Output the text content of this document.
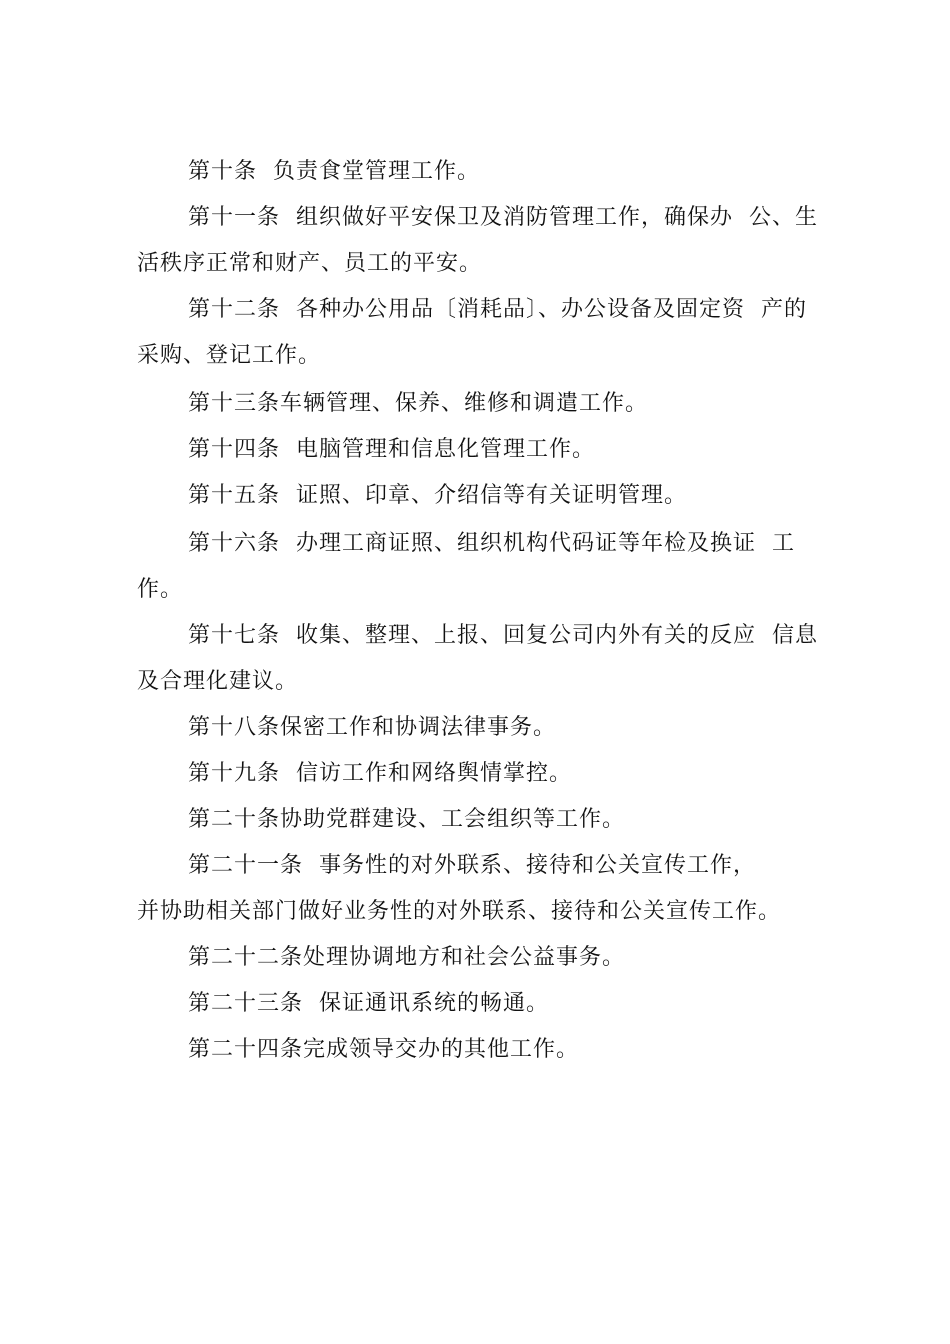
第十条  负责食堂管理工作。
第十一条  组织做好平安保卫及消防管理工作，确保办  公、生
活秩序正常和财产、员工的平安。
第十二条  各种办公用品〔消耗品〕、办公设备及固定资  产的
采购、登记工作。
第十三条车辆管理、保养、维修和调遣工作。
第十四条  电脑管理和信息化管理工作。
第十五条  证照、印章、介绍信等有关证明管理。
第十六条  办理工商证照、组织机构代码证等年检及换证  工
作。
第十七条  收集、整理、上报、回复公司内外有关的反应  信息
及合理化建议。
第十八条保密工作和协调法律事务。
第十九条  信访工作和网络舆情掌控。
第二十条协助党群建设、工会组织等工作。
第二十一条  事务性的对外联系、接待和公关宣传工作，
并协助相关部门做好业务性的对外联系、接待和公关宣传工作。
第二十二条处理协调地方和社会公益事务。
第二十三条  保证通讯系统的畅通。
第二十四条完成领导交办的其他工作。
